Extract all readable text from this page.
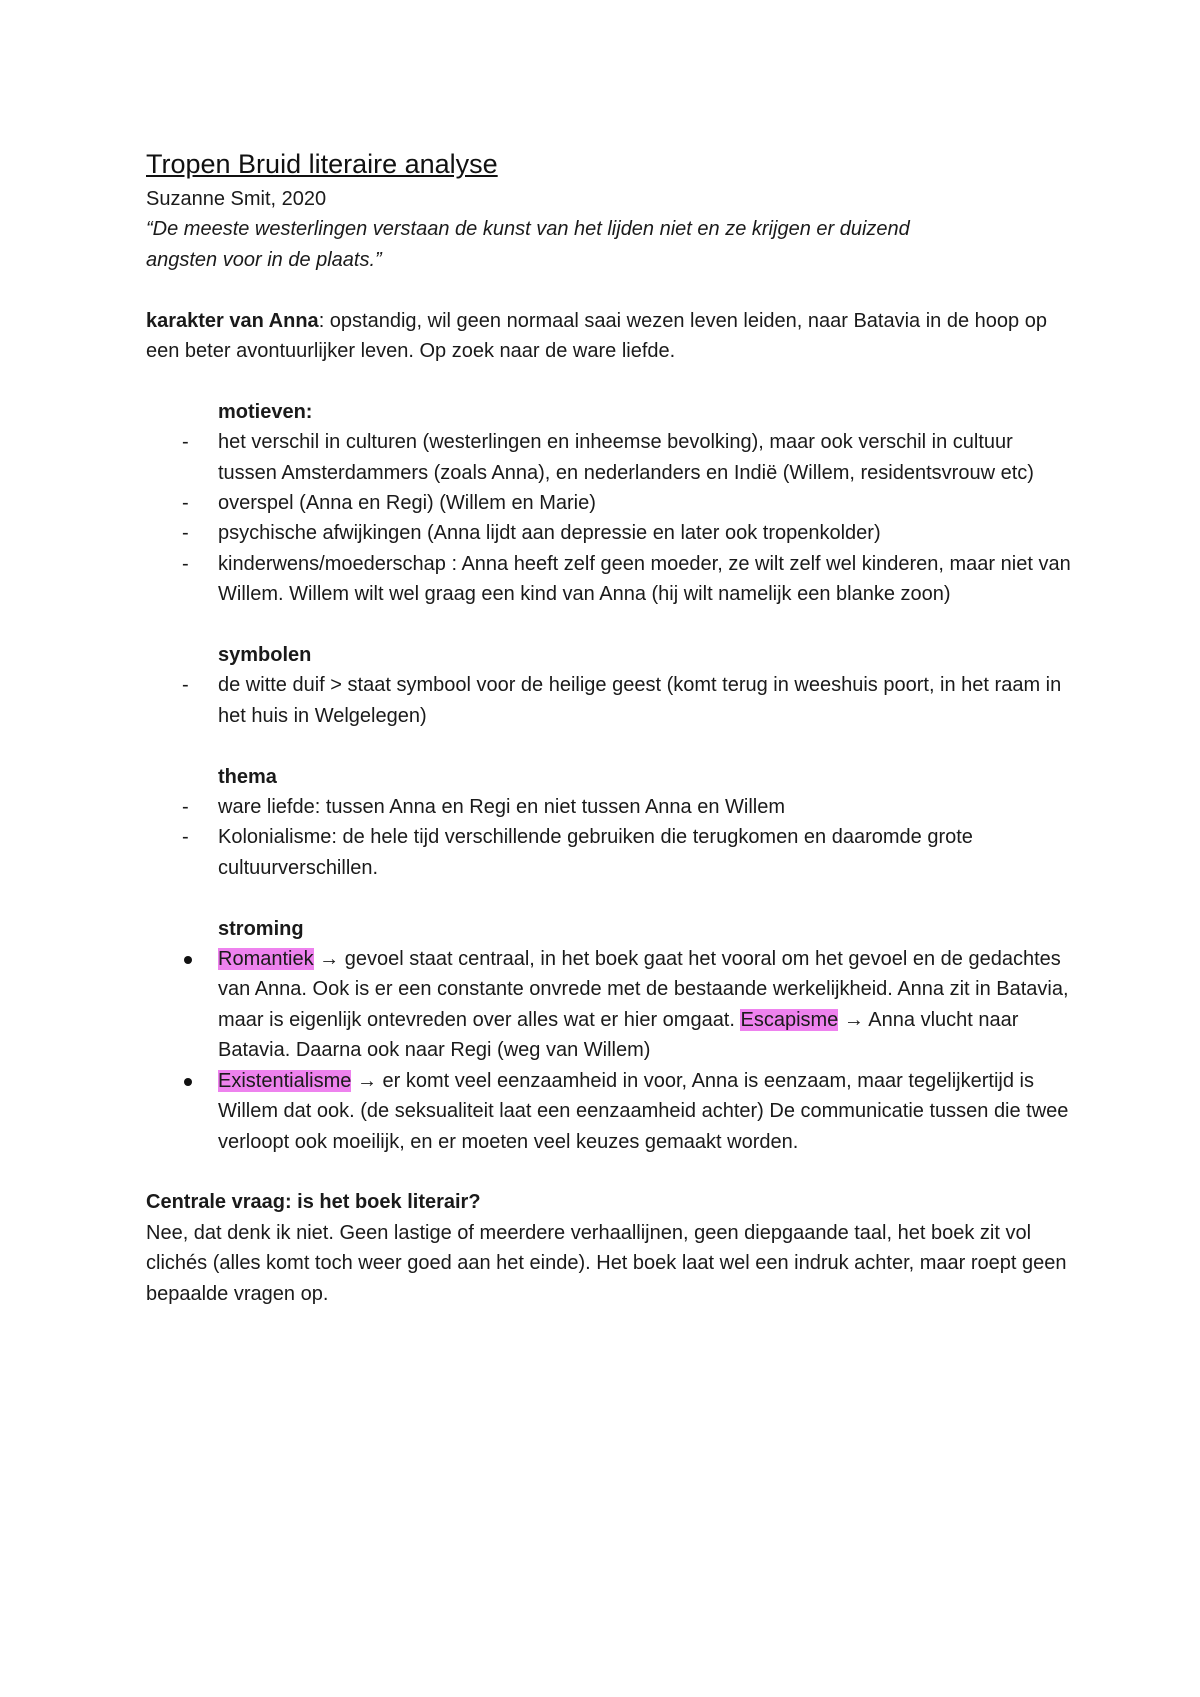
Tropen Bruid literaire analyse

Suzanne Smit, 2020

“De meeste westerlingen verstaan de kunst van het lijden niet en ze krijgen er duizend
angsten voor in de plaats.”

karakter van Anna: opstandig, wil geen normaal saai wezen leven leiden, naar Batavia in de hoop op een beter avontuurlijker leven. Op zoek naar de ware liefde.

motieven:

-	het verschil in culturen (westerlingen en inheemse bevolking), maar ook verschil in cultuur tussen Amsterdammers (zoals Anna), en nederlanders en Indië (Willem, residentsvrouw etc)
-	overspel (Anna en Regi) (Willem en Marie)
-	psychische afwijkingen (Anna lijdt aan depressie en later ook tropenkolder)
-	kinderwens/moederschap : Anna heeft zelf geen moeder, ze wilt zelf wel kinderen, maar niet van Willem. Willem wilt wel graag een kind van Anna (hij wilt namelijk een blanke zoon)

symbolen

-	de witte duif > staat symbool voor de heilige geest (komt terug in weeshuis poort, in het raam in het huis in Welgelegen)

thema

-	ware liefde: tussen Anna en Regi en niet tussen Anna en Willem
-	Kolonialisme: de hele tijd verschillende gebruiken die terugkomen en daaromde grote cultuurverschillen.

stroming

Romantiek → gevoel staat centraal, in het boek gaat het vooral om het gevoel en de gedachtes van Anna. Ook is er een constante onvrede met de bestaande werkelijkheid. Anna zit in Batavia, maar is eigenlijk ontevreden over alles wat er hier omgaat. Escapisme → Anna vlucht naar Batavia. Daarna ook naar Regi (weg van Willem)
Existentialisme → er komt veel eenzaamheid in voor, Anna is eenzaam, maar tegelijkertijd is Willem dat ook. (de seksualiteit laat een eenzaamheid achter) De communicatie tussen die twee verloopt ook moeilijk, en er moeten veel keuzes gemaakt worden.

Centrale vraag: is het boek literair?

Nee, dat denk ik niet. Geen lastige of meerdere verhaallijnen, geen diepgaande taal, het boek zit vol clichés (alles komt toch weer goed aan het einde). Het boek laat wel een indruk achter, maar roept geen bepaalde vragen op.
